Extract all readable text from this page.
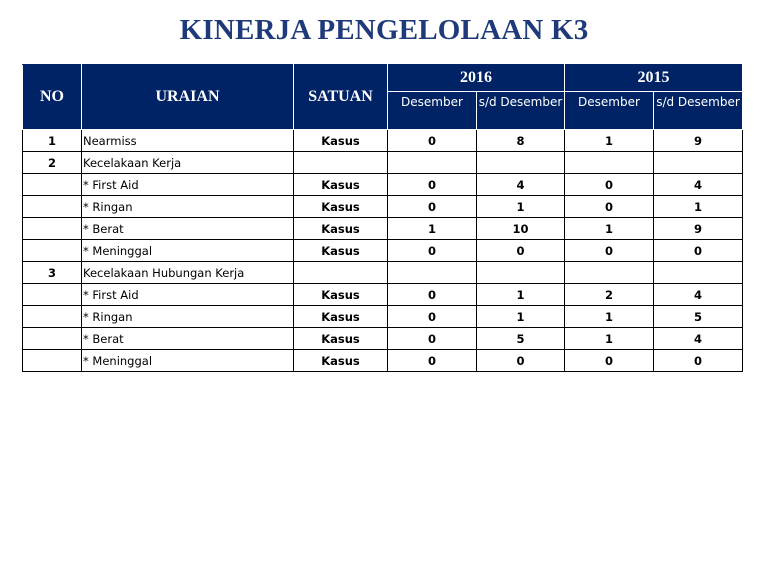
KINERJA PENGELOLAAN K3
NO	URAIAN	SATUAN	2016		2015	
			Desember	s/d Desember	Desember	s/d Desember
1	Nearmiss	Kasus	0	8	1	9
2	Kecelakaan Kerja					
	* First Aid	Kasus	0	4	0	4
	* Ringan	Kasus	0	1	0	1
	* Berat	Kasus	1	10	1	9
	* Meninggal	Kasus	0	0	0	0
3	Kecelakaan Hubungan Kerja					
	* First Aid	Kasus	0	1	2	4
	* Ringan	Kasus	0	1	1	5
	* Berat	Kasus	0	5	1	4
	* Meninggal	Kasus	0	0	0	0
